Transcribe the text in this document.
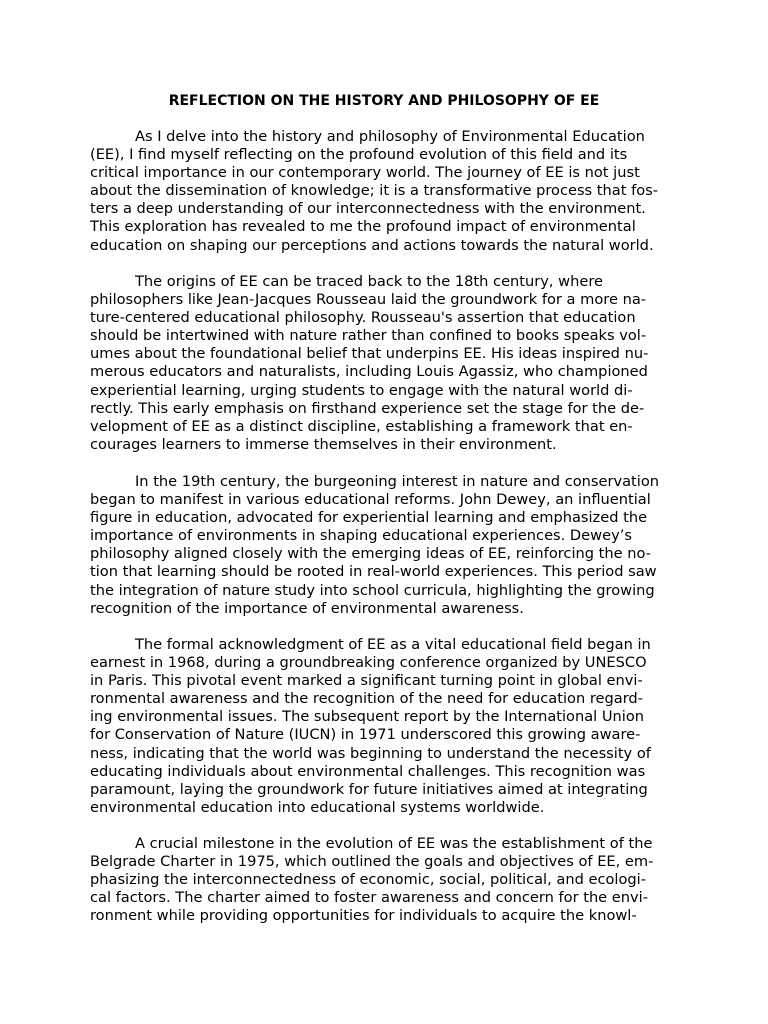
REFLECTION ON THE HISTORY AND PHILOSOPHY OF EE
As I delve into the history and philosophy of Environmental Education
(EE), I find myself reflecting on the profound evolution of this field and its
critical importance in our contemporary world. The journey of EE is not just
about the dissemination of knowledge; it is a transformative process that fos-
ters a deep understanding of our interconnectedness with the environment.
This exploration has revealed to me the profound impact of environmental
education on shaping our perceptions and actions towards the natural world.
The origins of EE can be traced back to the 18th century, where
philosophers like Jean-Jacques Rousseau laid the groundwork for a more na-
ture-centered educational philosophy. Rousseau's assertion that education
should be intertwined with nature rather than confined to books speaks vol-
umes about the foundational belief that underpins EE. His ideas inspired nu-
merous educators and naturalists, including Louis Agassiz, who championed
experiential learning, urging students to engage with the natural world di-
rectly. This early emphasis on firsthand experience set the stage for the de-
velopment of EE as a distinct discipline, establishing a framework that en-
courages learners to immerse themselves in their environment.
In the 19th century, the burgeoning interest in nature and conservation
began to manifest in various educational reforms. John Dewey, an influential
figure in education, advocated for experiential learning and emphasized the
importance of environments in shaping educational experiences. Dewey’s
philosophy aligned closely with the emerging ideas of EE, reinforcing the no-
tion that learning should be rooted in real-world experiences. This period saw
the integration of nature study into school curricula, highlighting the growing
recognition of the importance of environmental awareness.
The formal acknowledgment of EE as a vital educational field began in
earnest in 1968, during a groundbreaking conference organized by UNESCO
in Paris. This pivotal event marked a significant turning point in global envi-
ronmental awareness and the recognition of the need for education regard-
ing environmental issues. The subsequent report by the International Union
for Conservation of Nature (IUCN) in 1971 underscored this growing aware-
ness, indicating that the world was beginning to understand the necessity of
educating individuals about environmental challenges. This recognition was
paramount, laying the groundwork for future initiatives aimed at integrating
environmental education into educational systems worldwide.
A crucial milestone in the evolution of EE was the establishment of the
Belgrade Charter in 1975, which outlined the goals and objectives of EE, em-
phasizing the interconnectedness of economic, social, political, and ecologi-
cal factors. The charter aimed to foster awareness and concern for the envi-
ronment while providing opportunities for individuals to acquire the knowl-
